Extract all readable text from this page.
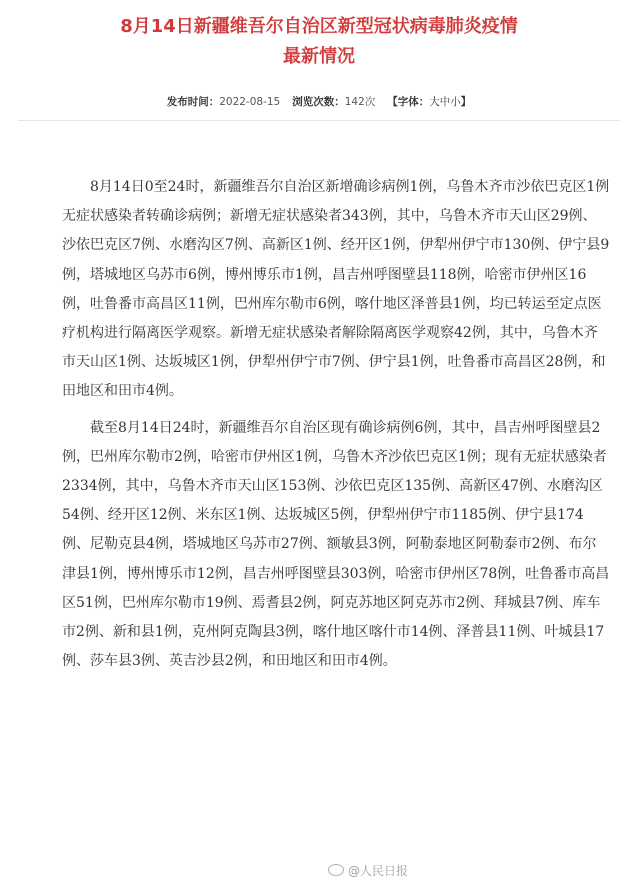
8月14日新疆维吾尔自治区新型冠状病毒肺炎疫情
最新情况
发布时间：2022-08-15 浏览次数：142次 【字体：大中小】

8月14日0至24时，新疆维吾尔自治区新增确诊病例1例，乌鲁木齐市沙依巴克区1例无症状感染者转确诊病例；新增无症状感染者343例，其中，乌鲁木齐市天山区29例、沙依巴克区7例、水磨沟区7例、高新区1例、经开区1例，伊犁州伊宁市130例、伊宁县9例，塔城地区乌苏市6例，博州博乐市1例，昌吉州呼图壁县118例，哈密市伊州区16例，吐鲁番市高昌区11例，巴州库尔勒市6例，喀什地区泽普县1例，均已转运至定点医疗机构进行隔离医学观察。新增无症状感染者解除隔离医学观察42例，其中，乌鲁木齐市天山区1例、达坂城区1例，伊犁州伊宁市7例、伊宁县1例，吐鲁番市高昌区28例，和田地区和田市4例。

截至8月14日24时，新疆维吾尔自治区现有确诊病例6例，其中，昌吉州呼图壁县2例，巴州库尔勒市2例，哈密市伊州区1例，乌鲁木齐沙依巴克区1例；现有无症状感染者2334例，其中，乌鲁木齐市天山区153例、沙依巴克区135例、高新区47例、水磨沟区54例、经开区12例、米东区1例、达坂城区5例，伊犁州伊宁市1185例、伊宁县174例、尼勒克县4例，塔城地区乌苏市27例、额敏县3例，阿勒泰地区阿勒泰市2例、布尔津县1例，博州博乐市12例，昌吉州呼图壁县303例，哈密市伊州区78例，吐鲁番市高昌区51例，巴州库尔勒市19例、焉耆县2例，阿克苏地区阿克苏市2例、拜城县7例、库车市2例、新和县1例，克州阿克陶县3例，喀什地区喀什市14例、泽普县11例、叶城县17例、莎车县3例、英吉沙县2例，和田地区和田市4例。

@人民日报
